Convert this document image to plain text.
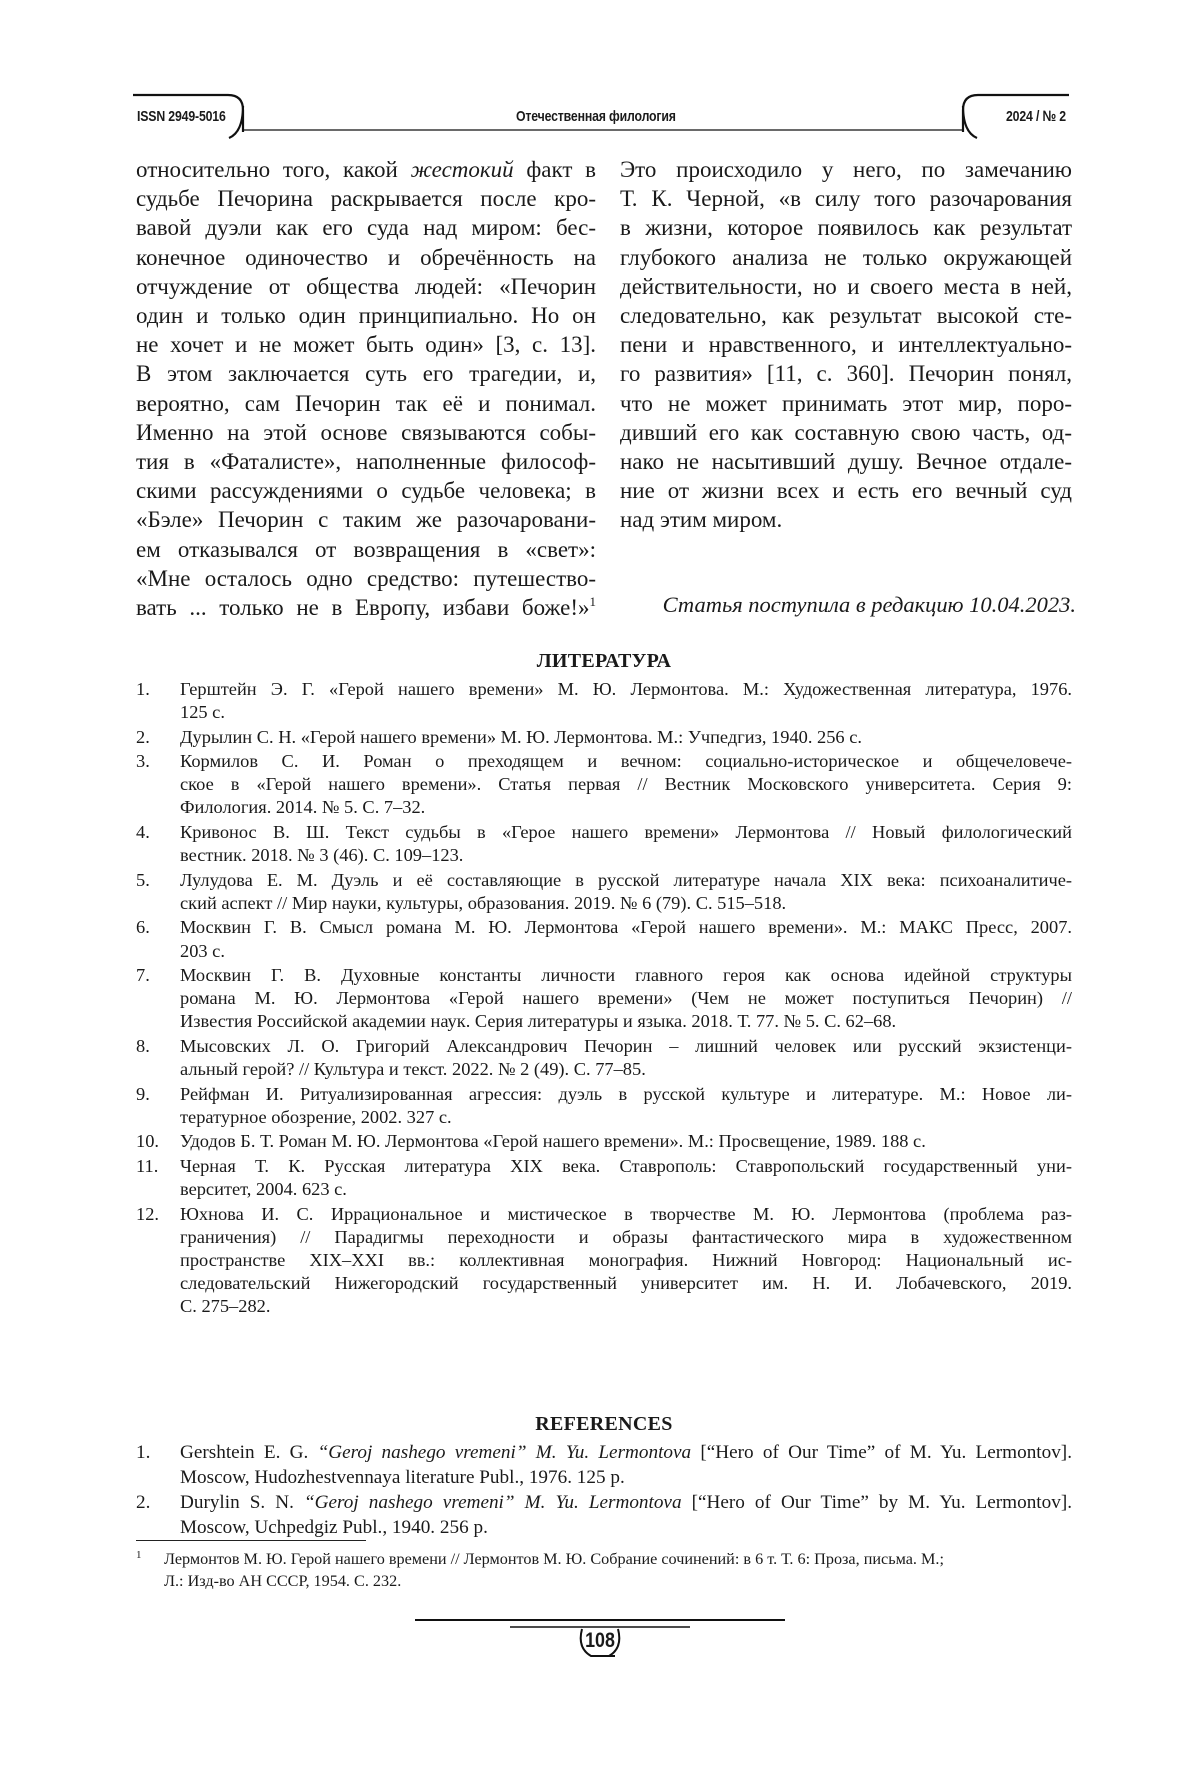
ISSN 2949-5016	Отечественная филология	2024 / № 2
относительно того, какой жестокий факт в
судьбе Печорина раскрывается после кро-
вавой дуэли как его суда над миром: бес-
конечное одиночество и обречённость на
отчуждение от общества людей: «Печорин
один и только один принципиально. Но он
не хочет и не может быть один» [3, с. 13].
В этом заключается суть его трагедии, и,
вероятно, сам Печорин так её и понимал.
Именно на этой основе связываются собы-
тия в «Фаталисте», наполненные философ-
скими рассуждениями о судьбе человека; в
«Бэле» Печорин с таким же разочаровани-
ем отказывался от возвращения в «свет»:
«Мне осталось одно средство: путешество-
вать ... только не в Европу, избави боже!»$^1$
Это происходило у него, по замечанию
Т. К. Черной, «в силу того разочарования
в жизни, которое появилось как результат
глубокого анализа не только окружающей
действительности, но и своего места в ней,
следовательно, как результат высокой сте-
пени и нравственного, и интеллектуально-
го развития» [11, с. 360]. Печорин понял,
что не может принимать этот мир, поро-
дивший его как составную свою часть, од-
нако не насытивший душу. Вечное отдале-
ние от жизни всех и есть его вечный суд
над этим миром.
Статья поступила в редакцию 10.04.2023.
ЛИТЕРАТУРА
1. Герштейн Э. Г. «Герой нашего времени» М. Ю. Лермонтова. М.: Художественная литература, 1976.
125 с.
2. Дурылин С. Н. «Герой нашего времени» М. Ю. Лермонтова. М.: Учпедгиз, 1940. 256 с.
3. Кормилов С. И. Роман о преходящем и вечном: социально-историческое и общечеловече-
ское в «Герой нашего времени». Статья первая // Вестник Московского университета. Серия 9:
Филология. 2014. № 5. С. 7–32.
4. Кривонос В. Ш. Текст судьбы в «Герое нашего времени» Лермонтова // Новый филологический
вестник. 2018. № 3 (46). С. 109–123.
5. Лулудова Е. М. Дуэль и её составляющие в русской литературе начала XIX века: психоаналитиче-
ский аспект // Мир науки, культуры, образования. 2019. № 6 (79). С. 515–518.
6. Москвин Г. В. Смысл романа М. Ю. Лермонтова «Герой нашего времени». М.: МАКС Пресс, 2007.
203 с.
7. Москвин Г. В. Духовные константы личности главного героя как основа идейной структуры
романа М. Ю. Лермонтова «Герой нашего времени» (Чем не может поступиться Печорин) //
Известия Российской академии наук. Серия литературы и языка. 2018. Т. 77. № 5. С. 62–68.
8. Мысовских Л. О. Григорий Александрович Печорин – лишний человек или русский экзистенци-
альный герой? // Культура и текст. 2022. № 2 (49). С. 77–85.
9. Рейфман И. Ритуализированная агрессия: дуэль в русской культуре и литературе. М.: Новое ли-
тературное обозрение, 2002. 327 с.
10. Удодов Б. Т. Роман М. Ю. Лермонтова «Герой нашего времени». М.: Просвещение, 1989. 188 с.
11. Черная Т. К. Русская литература XIX века. Ставрополь: Ставропольский государственный уни-
верситет, 2004. 623 с.
12. Юхнова И. С. Иррациональное и мистическое в творчестве М. Ю. Лермонтова (проблема раз-
граничения) // Парадигмы переходности и образы фантастического мира в художественном
пространстве XIX–XXI вв.: коллективная монография. Нижний Новгород: Национальный ис-
следовательский Нижегородский государственный университет им. Н. И. Лобачевского, 2019.
С. 275–282.
REFERENCES
1. Gershtein E. G. “Geroj nashego vremeni” M. Yu. Lermontova [“Hero of Our Time” of M. Yu. Lermontov].
Moscow, Hudozhestvennaya literature Publ., 1976. 125 p.
2. Durylin S. N. “Geroj nashego vremeni” M. Yu. Lermontova [“Hero of Our Time” by M. Yu. Lermontov].
Moscow, Uchpedgiz Publ., 1940. 256 p.
1	Лермонтов М. Ю. Герой нашего времени // Лермонтов М. Ю. Собрание сочинений: в 6 т. Т. 6: Проза, письма. М.;
Л.: Изд-во АН СССР, 1954. С. 232.
108
